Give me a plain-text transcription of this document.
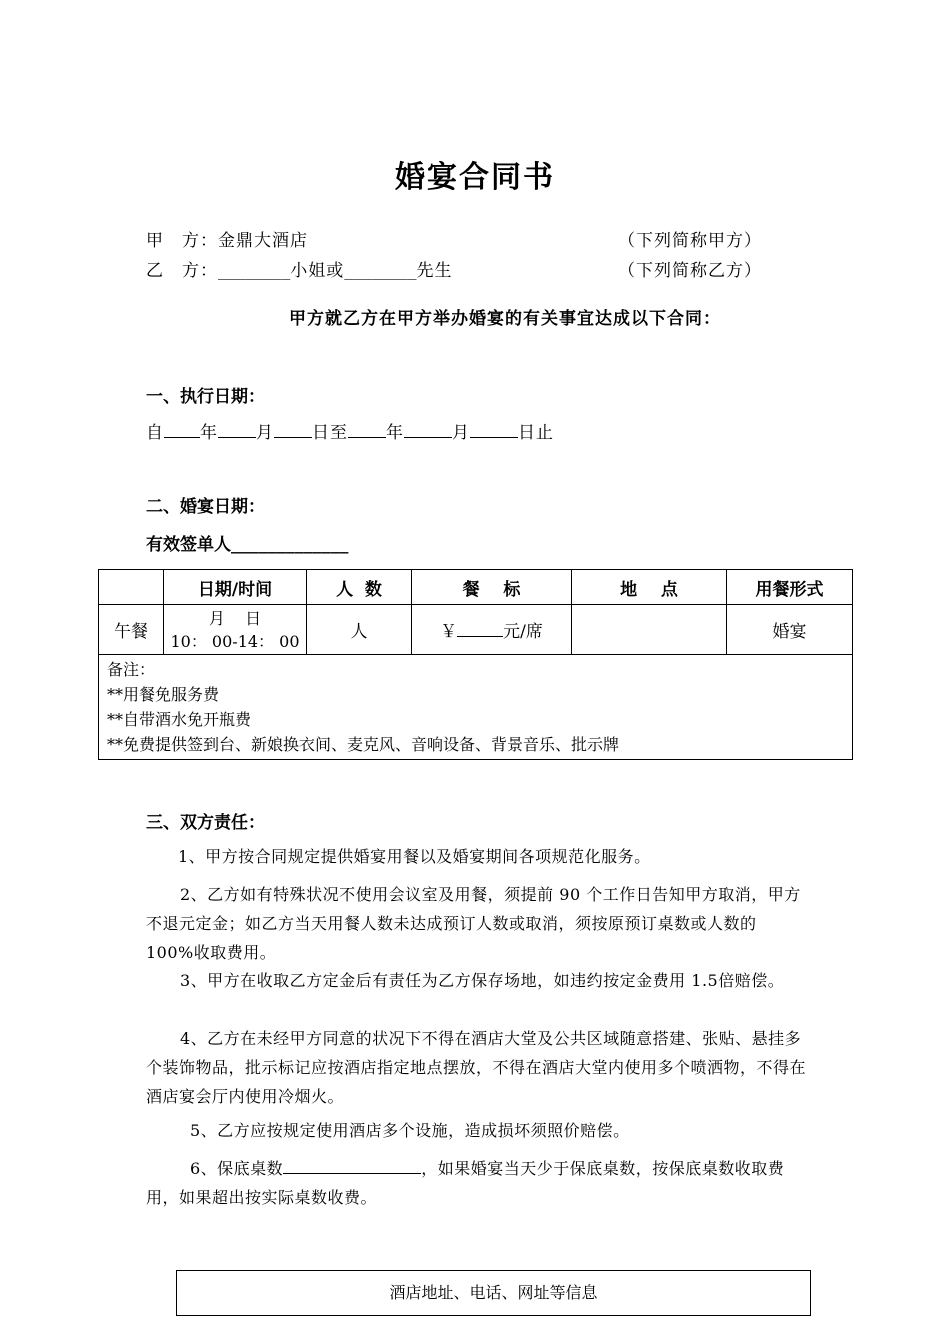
婚宴合同书
甲　方：金鼎大酒店	（下列简称甲方）
乙　方：________小姐或________先生	（下列简称乙方）
甲方就乙方在甲方举办婚宴的有关事宜达成以下合同：
一、执行日期：
自 年 月 日至 年	月	日止
二、婚宴日期：
有效签单人_____________
	日期/时间	人  数	餐    标	地    点	用餐形式
午餐	月    日
10： 00-14： 00	人	￥ 元/席		婚宴

备注：
**用餐免服务费
**自带酒水免开瓶费
**免费提供签到台、新娘换衣间、麦克风、音响设备、背景音乐、批示牌					
三、双方责任：
1、甲方按合同规定提供婚宴用餐以及婚宴期间各项规范化服务。
2、乙方如有特殊状况不使用会议室及用餐，须提前 90 个工作日告知甲方取消，甲方不退元定金；如乙方当天用餐人数未达成预订人数或取消，须按原预订桌数或人数的 100%收取费用。
3、甲方在收取乙方定金后有责任为乙方保存场地，如违约按定金费用 1.5倍赔偿。
4、乙方在未经甲方同意的状况下不得在酒店大堂及公共区域随意搭建、张贴、悬挂多个装饰物品，批示标记应按酒店指定地点摆放，不得在酒店大堂内使用多个喷洒物，不得在酒店宴会厅内使用冷烟火。
5、乙方应按规定使用酒店多个设施，造成损坏须照价赔偿。
6、保底桌数	，如果婚宴当天少于保底桌数，按保底桌数收取费用，如果超出按实际桌数收费。
酒店地址、电话、网址等信息
